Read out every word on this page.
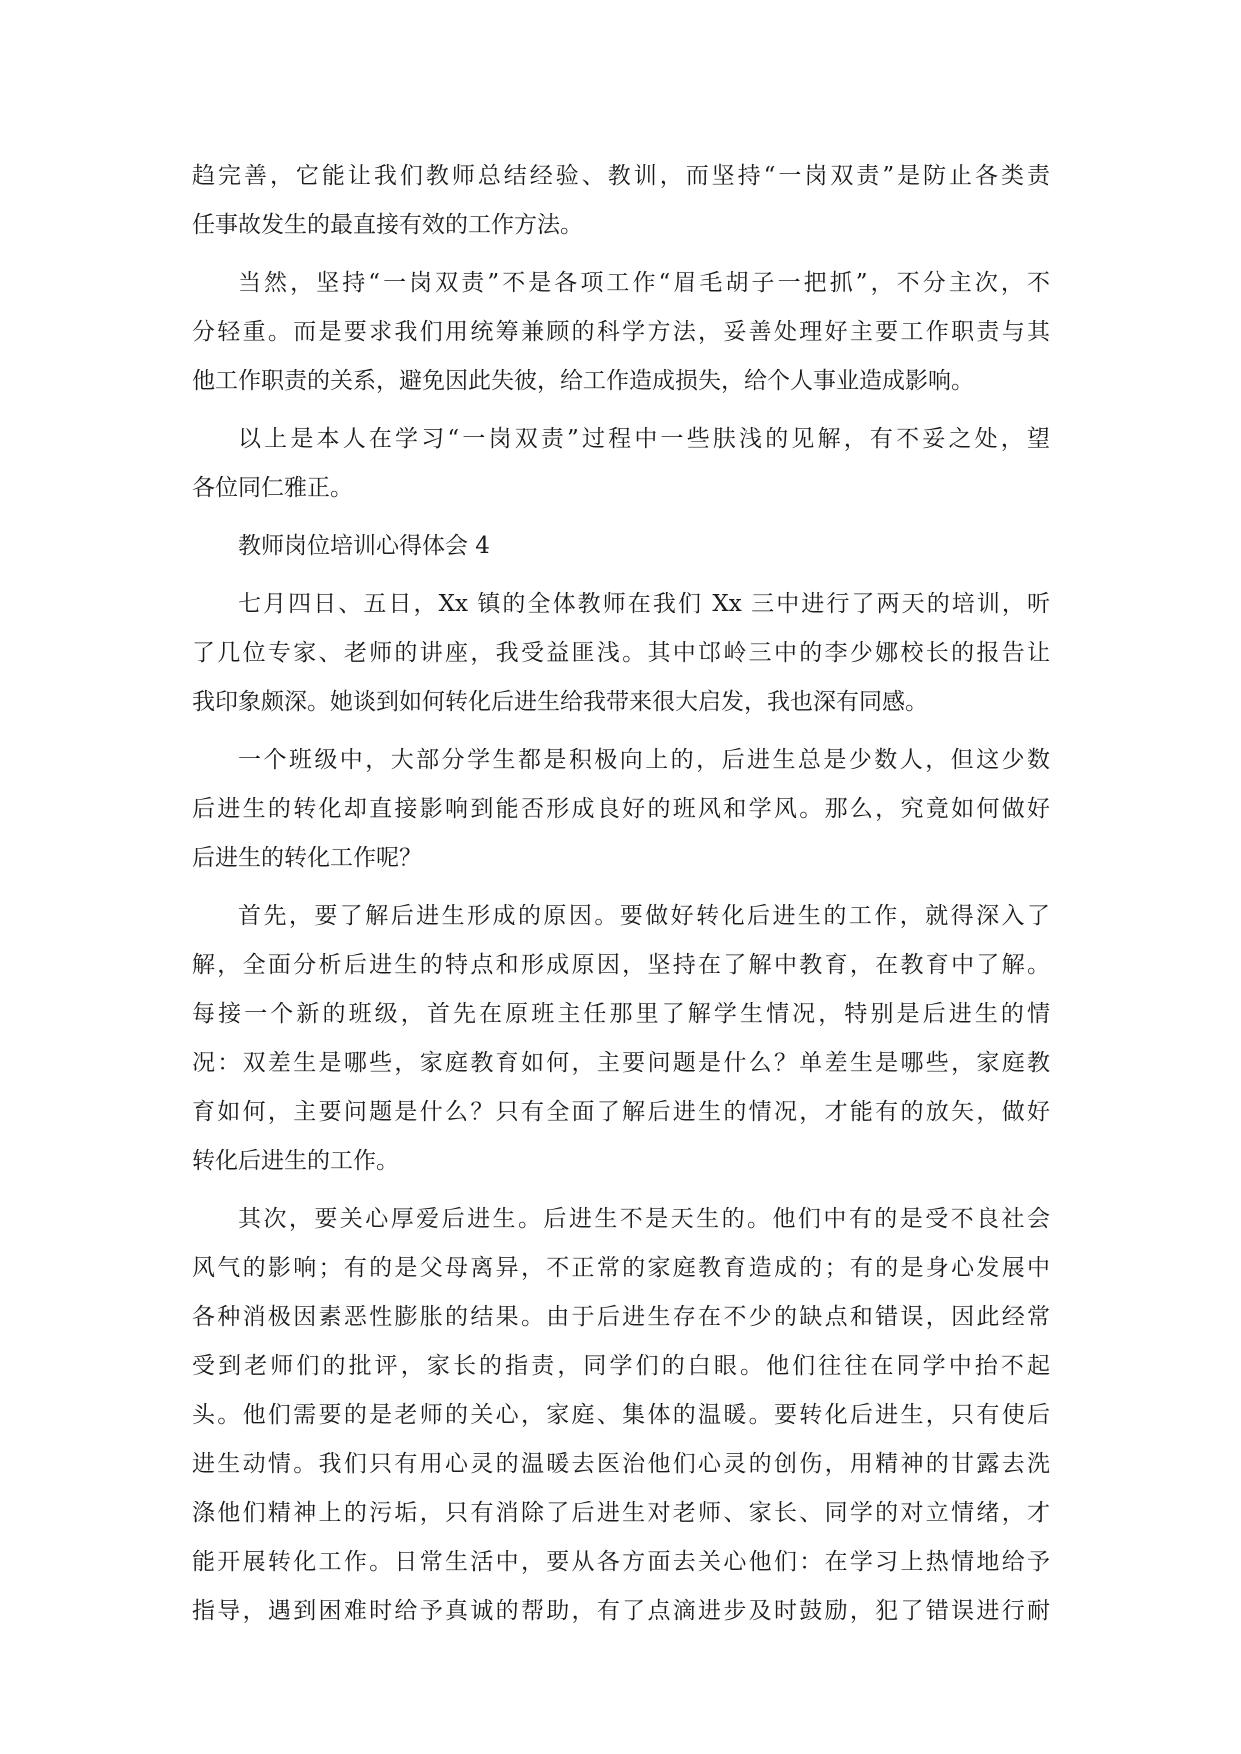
趋完善，它能让我们教师总结经验、教训，而坚持“一岗双责”是防止各类责
任事故发生的最直接有效的工作方法。
当然，坚持“一岗双责”不是各项工作“眉毛胡子一把抓”，不分主次，不
分轻重。而是要求我们用统筹兼顾的科学方法，妥善处理好主要工作职责与其
他工作职责的关系，避免因此失彼，给工作造成损失，给个人事业造成影响。
以上是本人在学习“一岗双责”过程中一些肤浅的见解，有不妥之处，望
各位同仁雅正。
教师岗位培训心得体会 4
七月四日、五日，Xx 镇的全体教师在我们 Xx 三中进行了两天的培训，听
了几位专家、老师的讲座，我受益匪浅。其中邙岭三中的李少娜校长的报告让
我印象颇深。她谈到如何转化后进生给我带来很大启发，我也深有同感。
一个班级中，大部分学生都是积极向上的，后进生总是少数人，但这少数
后进生的转化却直接影响到能否形成良好的班风和学风。那么，究竟如何做好
后进生的转化工作呢？
首先，要了解后进生形成的原因。要做好转化后进生的工作，就得深入了
解，全面分析后进生的特点和形成原因，坚持在了解中教育，在教育中了解。
每接一个新的班级，首先在原班主任那里了解学生情况，特别是后进生的情
况：双差生是哪些，家庭教育如何，主要问题是什么？单差生是哪些，家庭教
育如何，主要问题是什么？只有全面了解后进生的情况，才能有的放矢，做好
转化后进生的工作。
其次，要关心厚爱后进生。后进生不是天生的。他们中有的是受不良社会
风气的影响；有的是父母离异，不正常的家庭教育造成的；有的是身心发展中
各种消极因素恶性膨胀的结果。由于后进生存在不少的缺点和错误，因此经常
受到老师们的批评，家长的指责，同学们的白眼。他们往往在同学中抬不起
头。他们需要的是老师的关心，家庭、集体的温暖。要转化后进生，只有使后
进生动情。我们只有用心灵的温暖去医治他们心灵的创伤，用精神的甘露去洗
涤他们精神上的污垢，只有消除了后进生对老师、家长、同学的对立情绪，才
能开展转化工作。日常生活中，要从各方面去关心他们：在学习上热情地给予
指导，遇到困难时给予真诚的帮助，有了点滴进步及时鼓励，犯了错误进行耐
